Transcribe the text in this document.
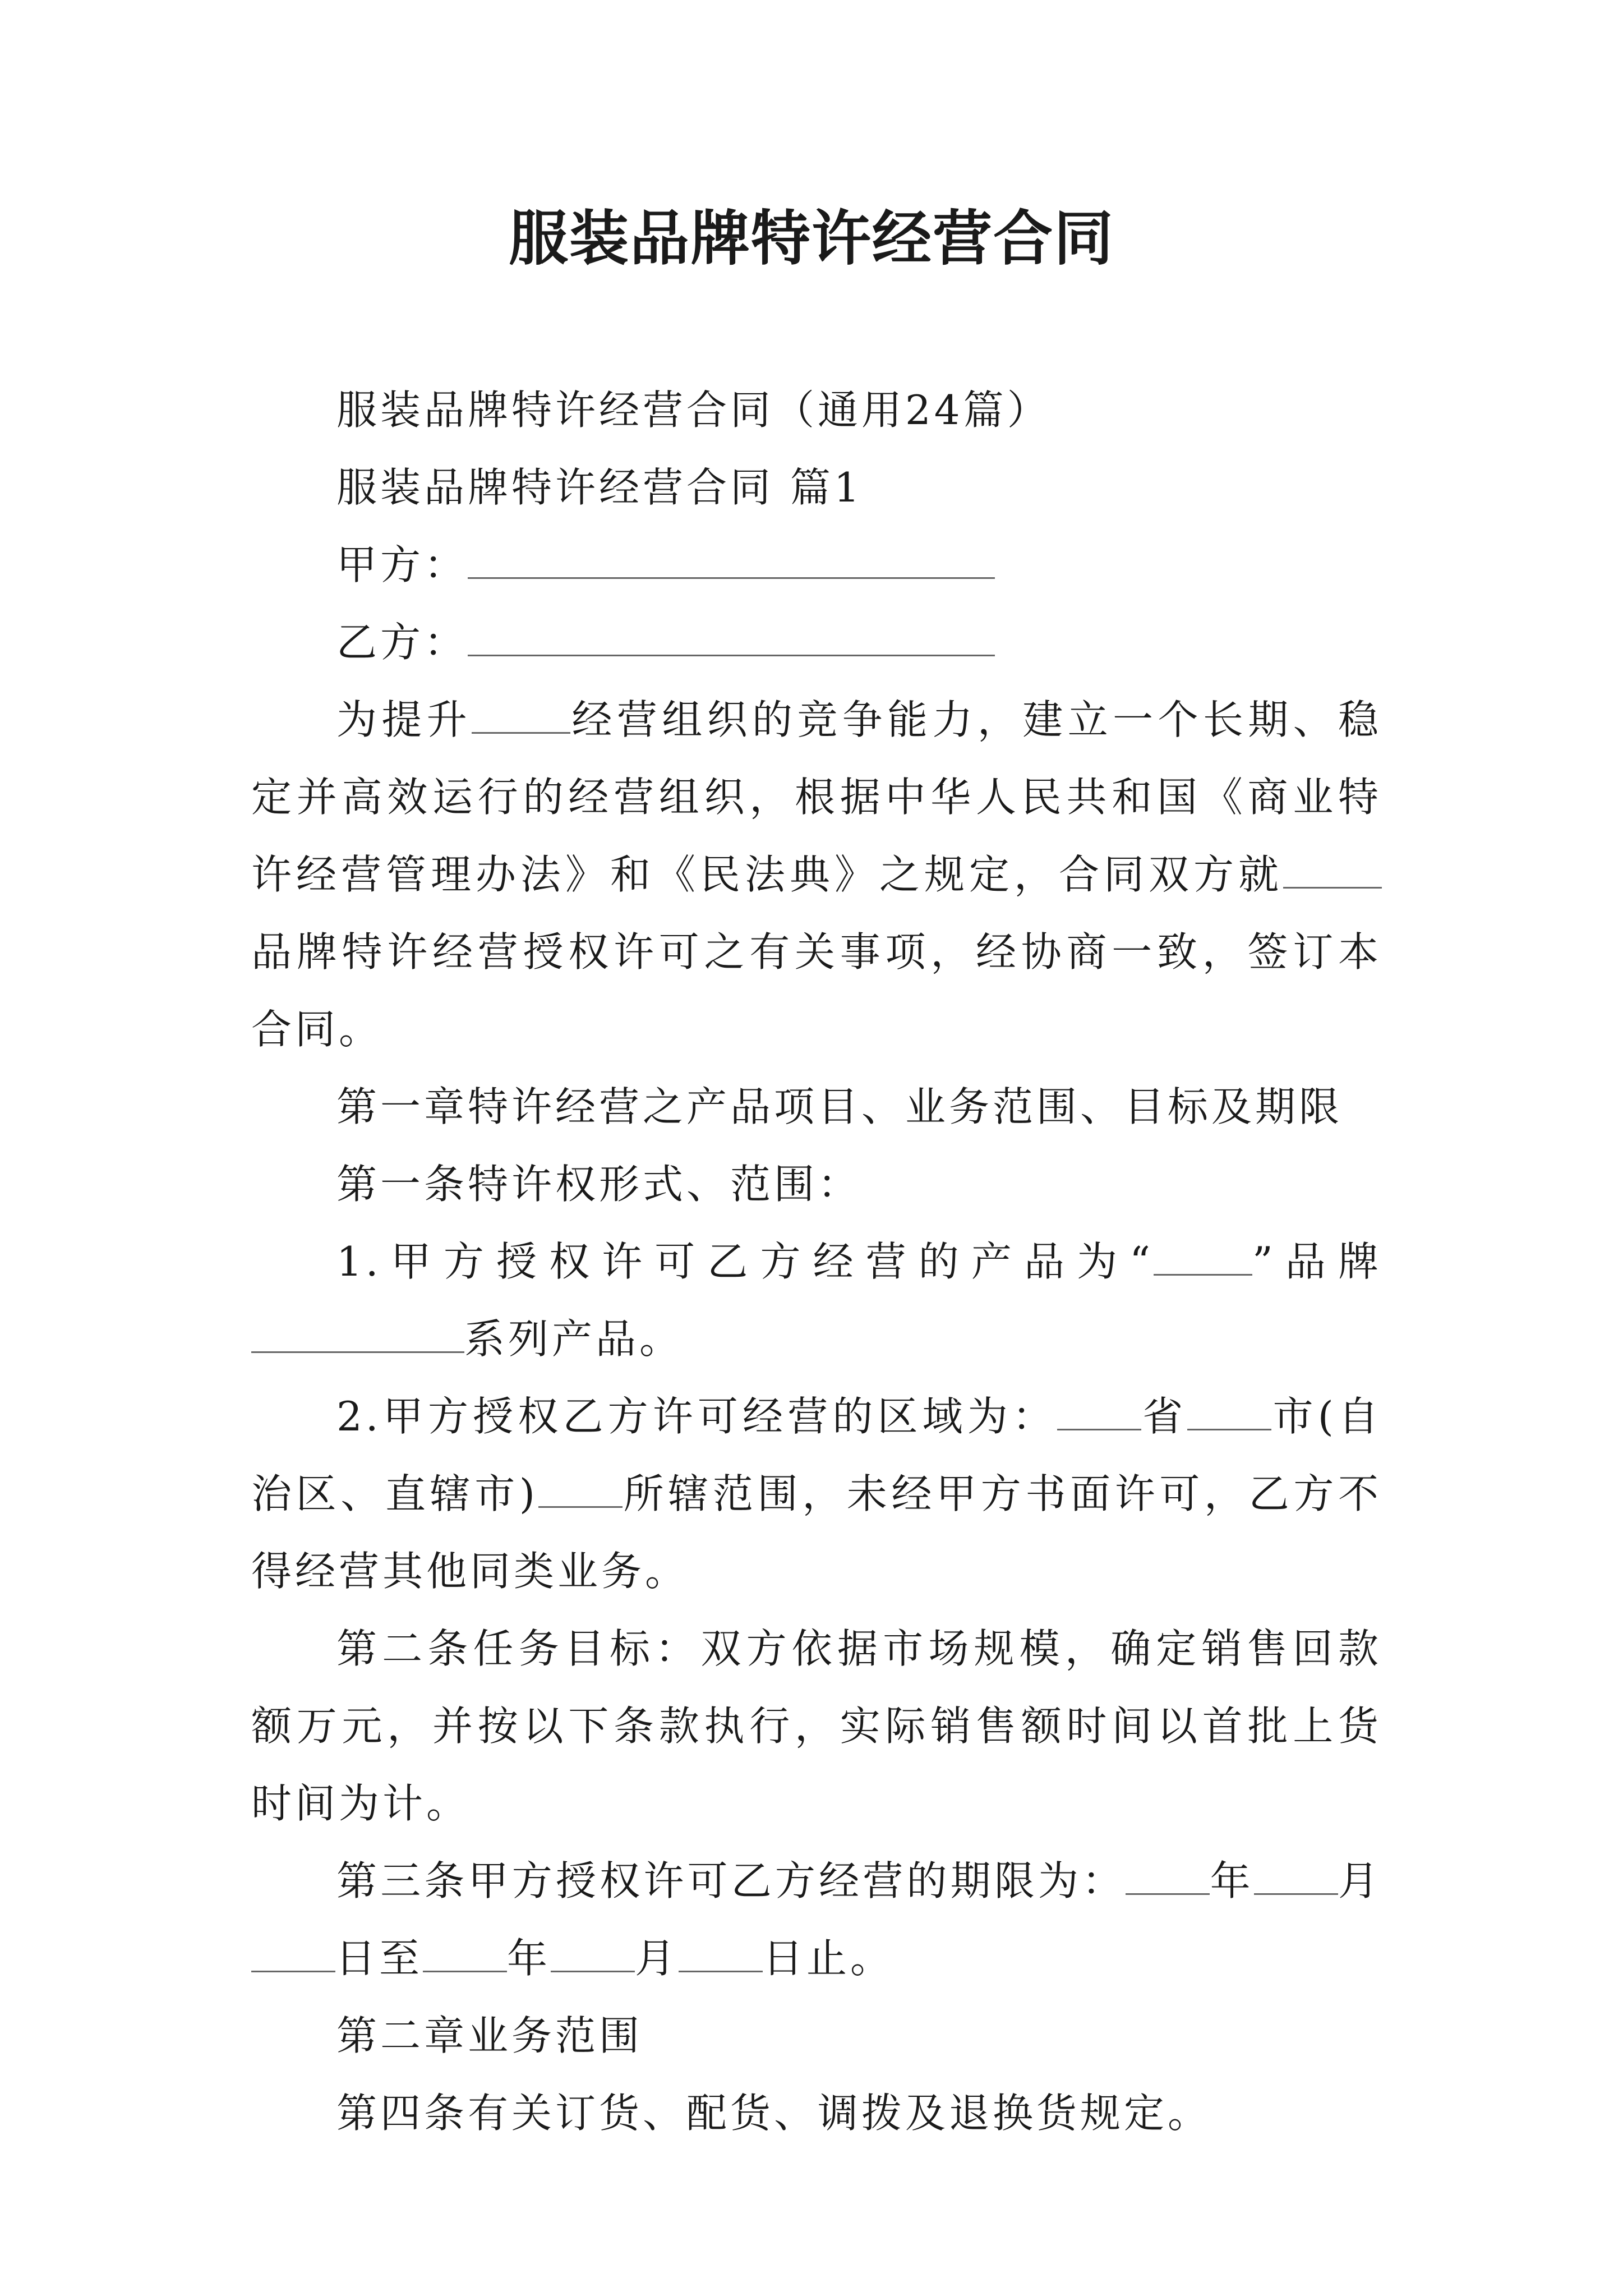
服装品牌特许经营合同

服装品牌特许经营合同（通用24篇）

服装品牌特许经营合同 篇1

甲方：

乙方：

为提升 经营组织的竞争能力，建立一个长期、稳定并高效运行的经营组织，根据中华人民共和国《商业特许经营管理办法》和《民法典》之规定，合同双方就品牌特许经营授权许可之有关事项，经协商一致，签订本合同。

第一章特许经营之产品项目、业务范围、目标及期限

第一条特许权形式、范围：

1.甲方授权许可乙方经营的产品为“ ”品牌系列产品。

2.甲方授权乙方许可经营的区域为： 省 市(自治区、直辖市) 所辖范围，未经甲方书面许可，乙方不得经营其他同类业务。

第二条任务目标：双方依据市场规模，确定销售回款额万元，并按以下条款执行，实际销售额时间以首批上货时间为计。

第三条甲方授权许可乙方经营的期限为： 年 月日至 年 月 日止。

第二章业务范围

第四条有关订货、配货、调拨及退换货规定。
